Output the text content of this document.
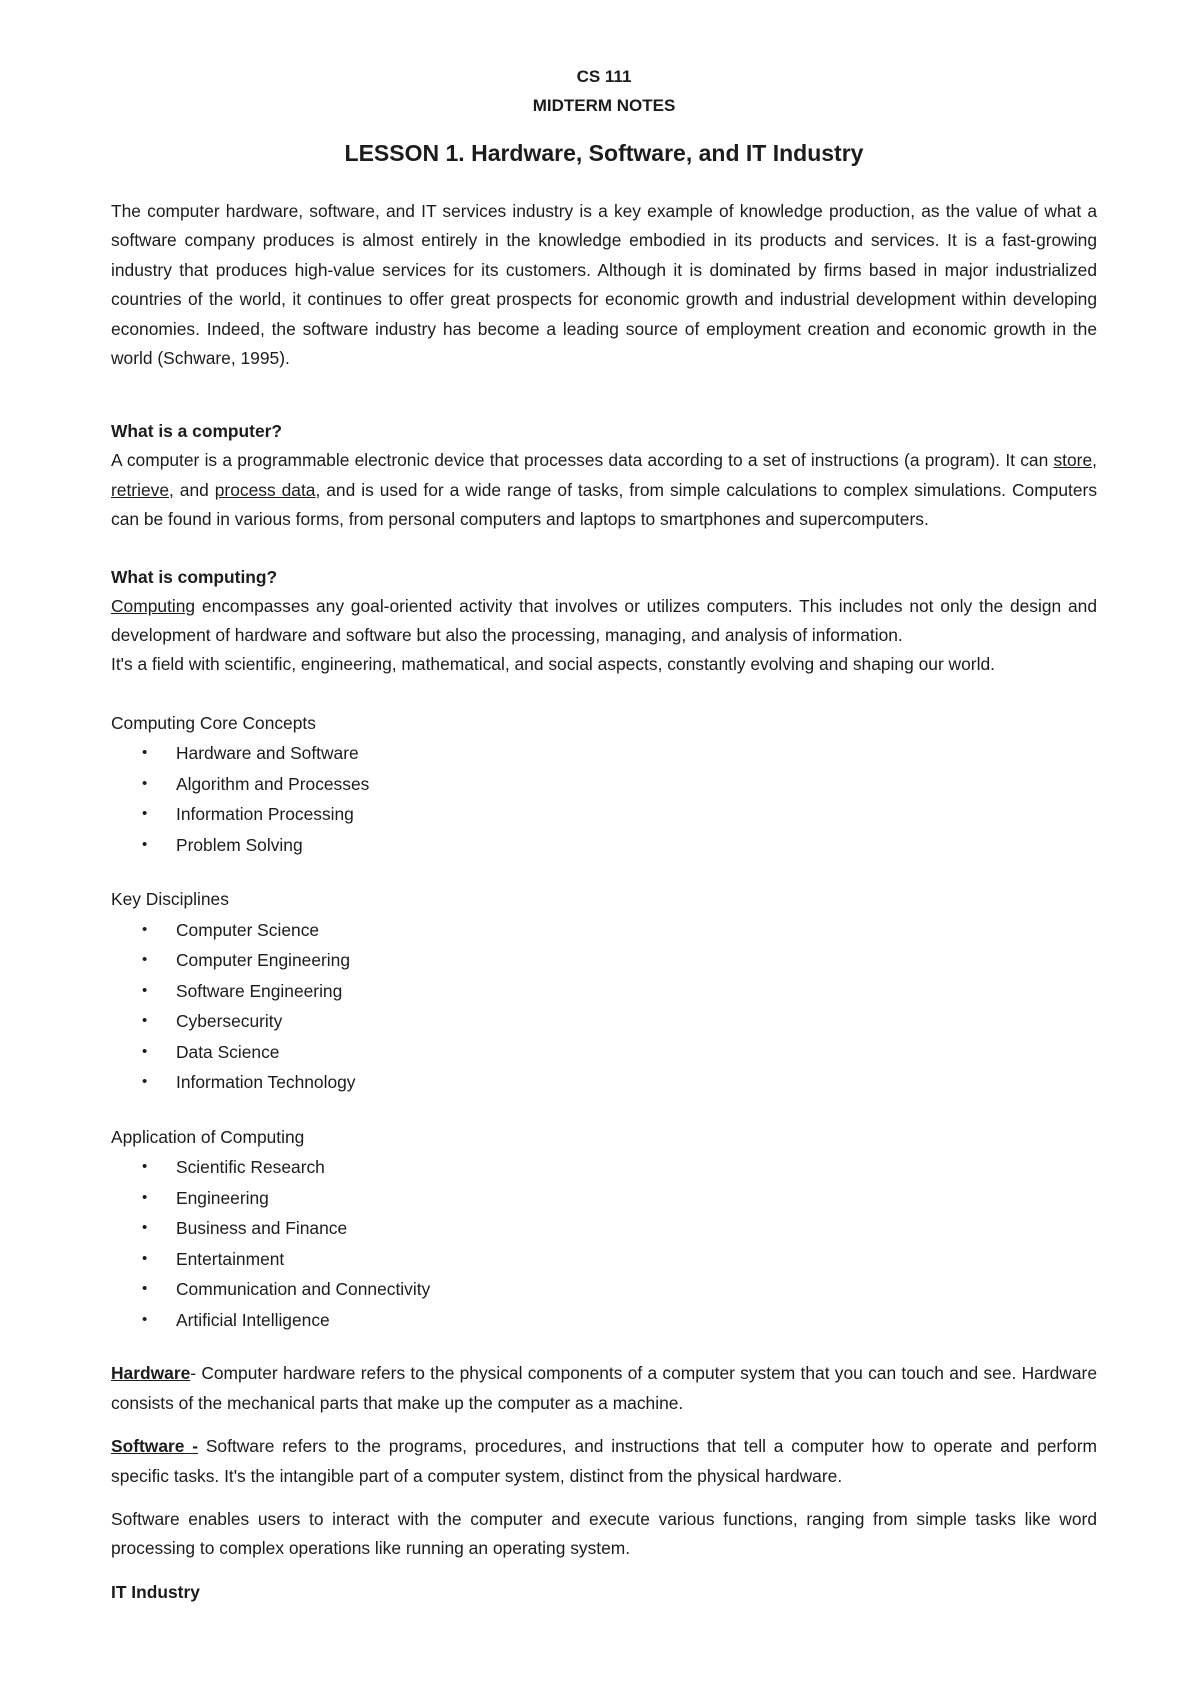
CS 111
MIDTERM NOTES
LESSON 1. Hardware, Software, and IT Industry

The computer hardware, software, and IT services industry is a key example of knowledge production, as the value of what a software company produces is almost entirely in the knowledge embodied in its products and services. It is a fast-growing industry that produces high-value services for its customers. Although it is dominated by firms based in major industrialized countries of the world, it continues to offer great prospects for economic growth and industrial development within developing economies. Indeed, the software industry has become a leading source of employment creation and economic growth in the world (Schware, 1995).

What is a computer?

A computer is a programmable electronic device that processes data according to a set of instructions (a program). It can store, retrieve, and process data, and is used for a wide range of tasks, from simple calculations to complex simulations. Computers can be found in various forms, from personal computers and laptops to smartphones and supercomputers.

What is computing?

Computing encompasses any goal-oriented activity that involves or utilizes computers. This includes not only the design and development of hardware and software but also the processing, managing, and analysis of information.

It's a field with scientific, engineering, mathematical, and social aspects, constantly evolving and shaping our world.

Computing Core Concepts
• Hardware and Software
• Algorithm and Processes
• Information Processing
• Problem Solving
Key Disciplines
• Computer Science
• Computer Engineering
• Software Engineering
• Cybersecurity
• Data Science
• Information Technology
Application of Computing
• Scientific Research
• Engineering
• Business and Finance
• Entertainment
• Communication and Connectivity
• Artificial Intelligence

Hardware- Computer hardware refers to the physical components of a computer system that you can touch and see. Hardware consists of the mechanical parts that make up the computer as a machine.

Software - Software refers to the programs, procedures, and instructions that tell a computer how to operate and perform specific tasks. It's the intangible part of a computer system, distinct from the physical hardware.

Software enables users to interact with the computer and execute various functions, ranging from simple tasks like word processing to complex operations like running an operating system.

IT Industry
